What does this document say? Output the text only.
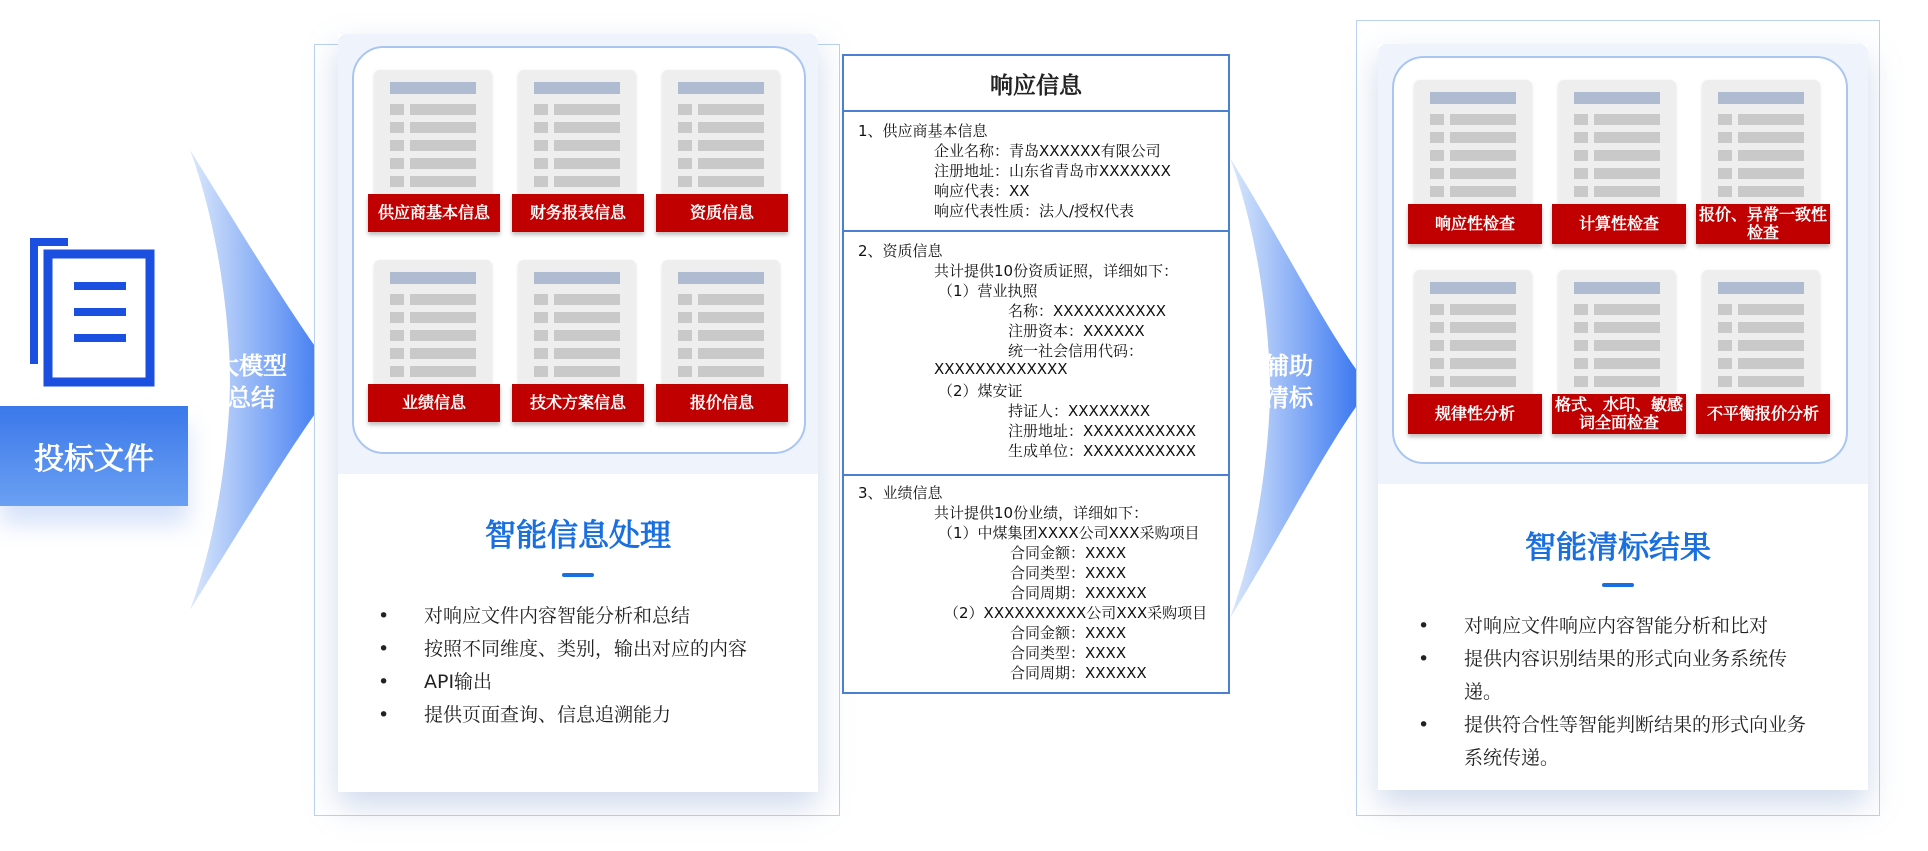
投标文件
大模型
总结
供应商基本信息	财务报表信息	资质信息
业绩信息	技术方案信息	报价信息
智能信息处理
• 对响应文件内容智能分析和总结
• 按照不同维度、类别，输出对应的内容
• API输出
• 提供页面查询、信息追溯能力
响应信息
1、供应商基本信息
企业名称：青岛XXXXXX有限公司
注册地址：山东省青岛市XXXXXXX
响应代表：XX
响应代表性质：法人/授权代表
2、资质信息
共计提供10份资质证照，详细如下：
（1）营业执照
名称：XXXXXXXXXXX
注册资本：XXXXXX
统一社会信用代码：
XXXXXXXXXXXXX
（2）煤安证
持证人：XXXXXXXX
注册地址：XXXXXXXXXXX
生成单位：XXXXXXXXXXX
3、业绩信息
共计提供10份业绩，详细如下：
（1）中煤集团XXXX公司XXX采购项目
合同金额：XXXX
合同类型：XXXX
合同周期：XXXXXX
（2）XXXXXXXXXX公司XXX采购项目
合同金额：XXXX
合同类型：XXXX
合同周期：XXXXXX
辅助
清标
响应性检查	计算性检查	报价、异常一致性检查
规律性分析	格式、水印、敏感词全面检查	不平衡报价分析
智能清标结果
• 对响应文件响应内容智能分析和比对
• 提供内容识别结果的形式向业务系统传递。
• 提供符合性等智能判断结果的形式向业务系统传递。
